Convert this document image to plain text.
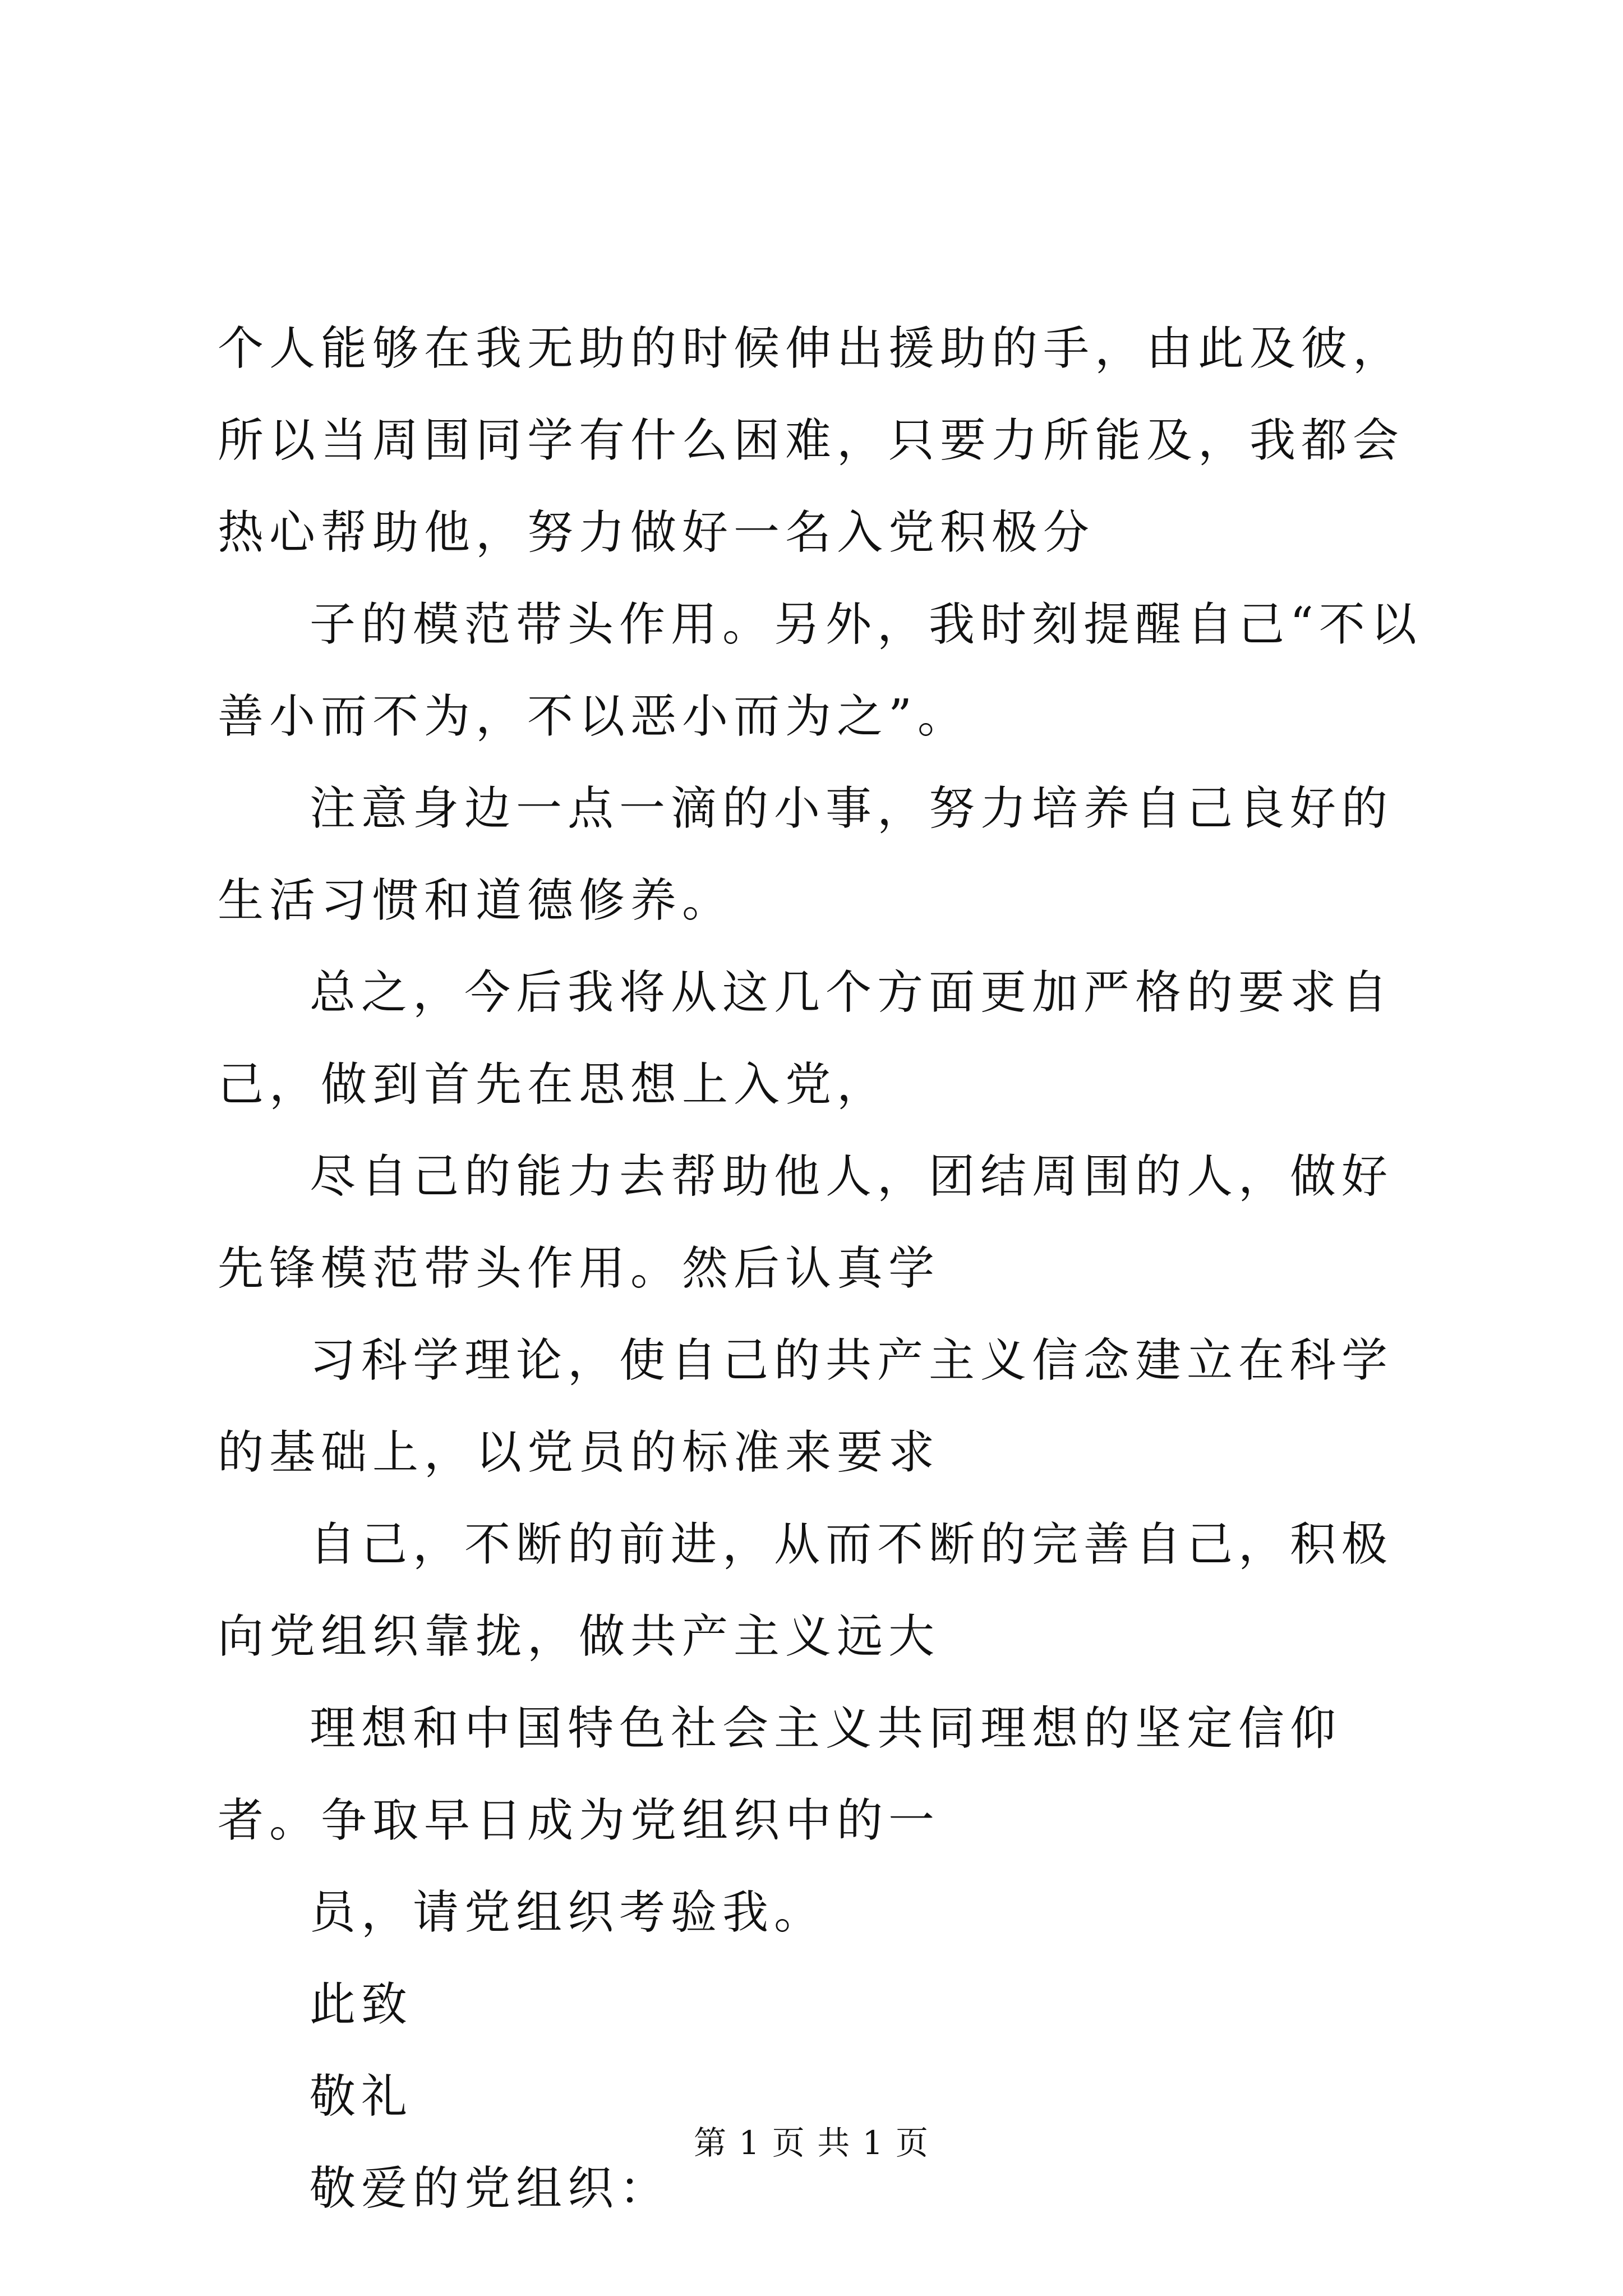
个人能够在我无助的时候伸出援助的手，由此及彼，所以当周围同学有什么困难，只要力所能及，我都会热心帮助他，努力做好一名入党积极分

子的模范带头作用。另外，我时刻提醒自己“不以善小而不为，不以恶小而为之”。

注意身边一点一滴的小事，努力培养自己良好的生活习惯和道德修养。

总之，今后我将从这几个方面更加严格的要求自己，做到首先在思想上入党，

尽自己的能力去帮助他人，团结周围的人，做好先锋模范带头作用。然后认真学

习科学理论，使自己的共产主义信念建立在科学的基础上，以党员的标准来要求

自己，不断的前进，从而不断的完善自己，积极向党组织靠拢，做共产主义远大

理想和中国特色社会主义共同理想的坚定信仰者。争取早日成为党组织中的一

员，请党组织考验我。

此致

敬礼

敬爱的党组织：

第 1 页 共 1 页
